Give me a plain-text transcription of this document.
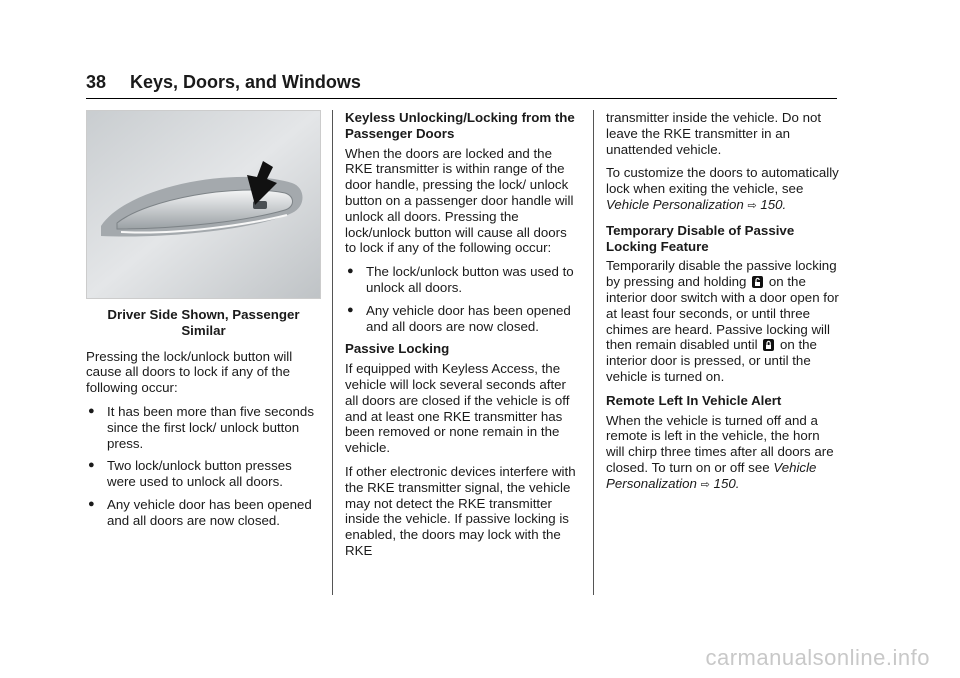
38 Keys, Doors, and Windows
Driver Side Shown, Passenger Similar

Pressing the lock/unlock button will cause all doors to lock if any of the following occur:

● It has been more than five seconds since the first lock/ unlock button press.
● Two lock/unlock button presses were used to unlock all doors.
● Any vehicle door has been opened and all doors are now closed.

Keyless Unlocking/Locking from the Passenger Doors

When the doors are locked and the RKE transmitter is within range of the door handle, pressing the lock/ unlock button on a passenger door handle will unlock all doors. Pressing the lock/unlock button will cause all doors to lock if any of the following occur:

● The lock/unlock button was used to unlock all doors.
● Any vehicle door has been opened and all doors are now closed.

Passive Locking

If equipped with Keyless Access, the vehicle will lock several seconds after all doors are closed if the vehicle is off and at least one RKE transmitter has been removed or none remain in the vehicle.

If other electronic devices interfere with the RKE transmitter signal, the vehicle may not detect the RKE transmitter inside the vehicle. If passive locking is enabled, the doors may lock with the RKE

transmitter inside the vehicle. Do not leave the RKE transmitter in an unattended vehicle.

To customize the doors to automatically lock when exiting the vehicle, see Vehicle Personalization ⇨ 150.

Temporary Disable of Passive Locking Feature

Temporarily disable the passive locking by pressing and holding on the interior door switch with a door open for at least four seconds, or until three chimes are heard. Passive locking will then remain disabled until on the interior door is pressed, or until the vehicle is turned on.

Remote Left In Vehicle Alert

When the vehicle is turned off and a remote is left in the vehicle, the horn will chirp three times after all doors are closed. To turn on or off see Vehicle Personalization ⇨ 150.

carmanualsonline.info
